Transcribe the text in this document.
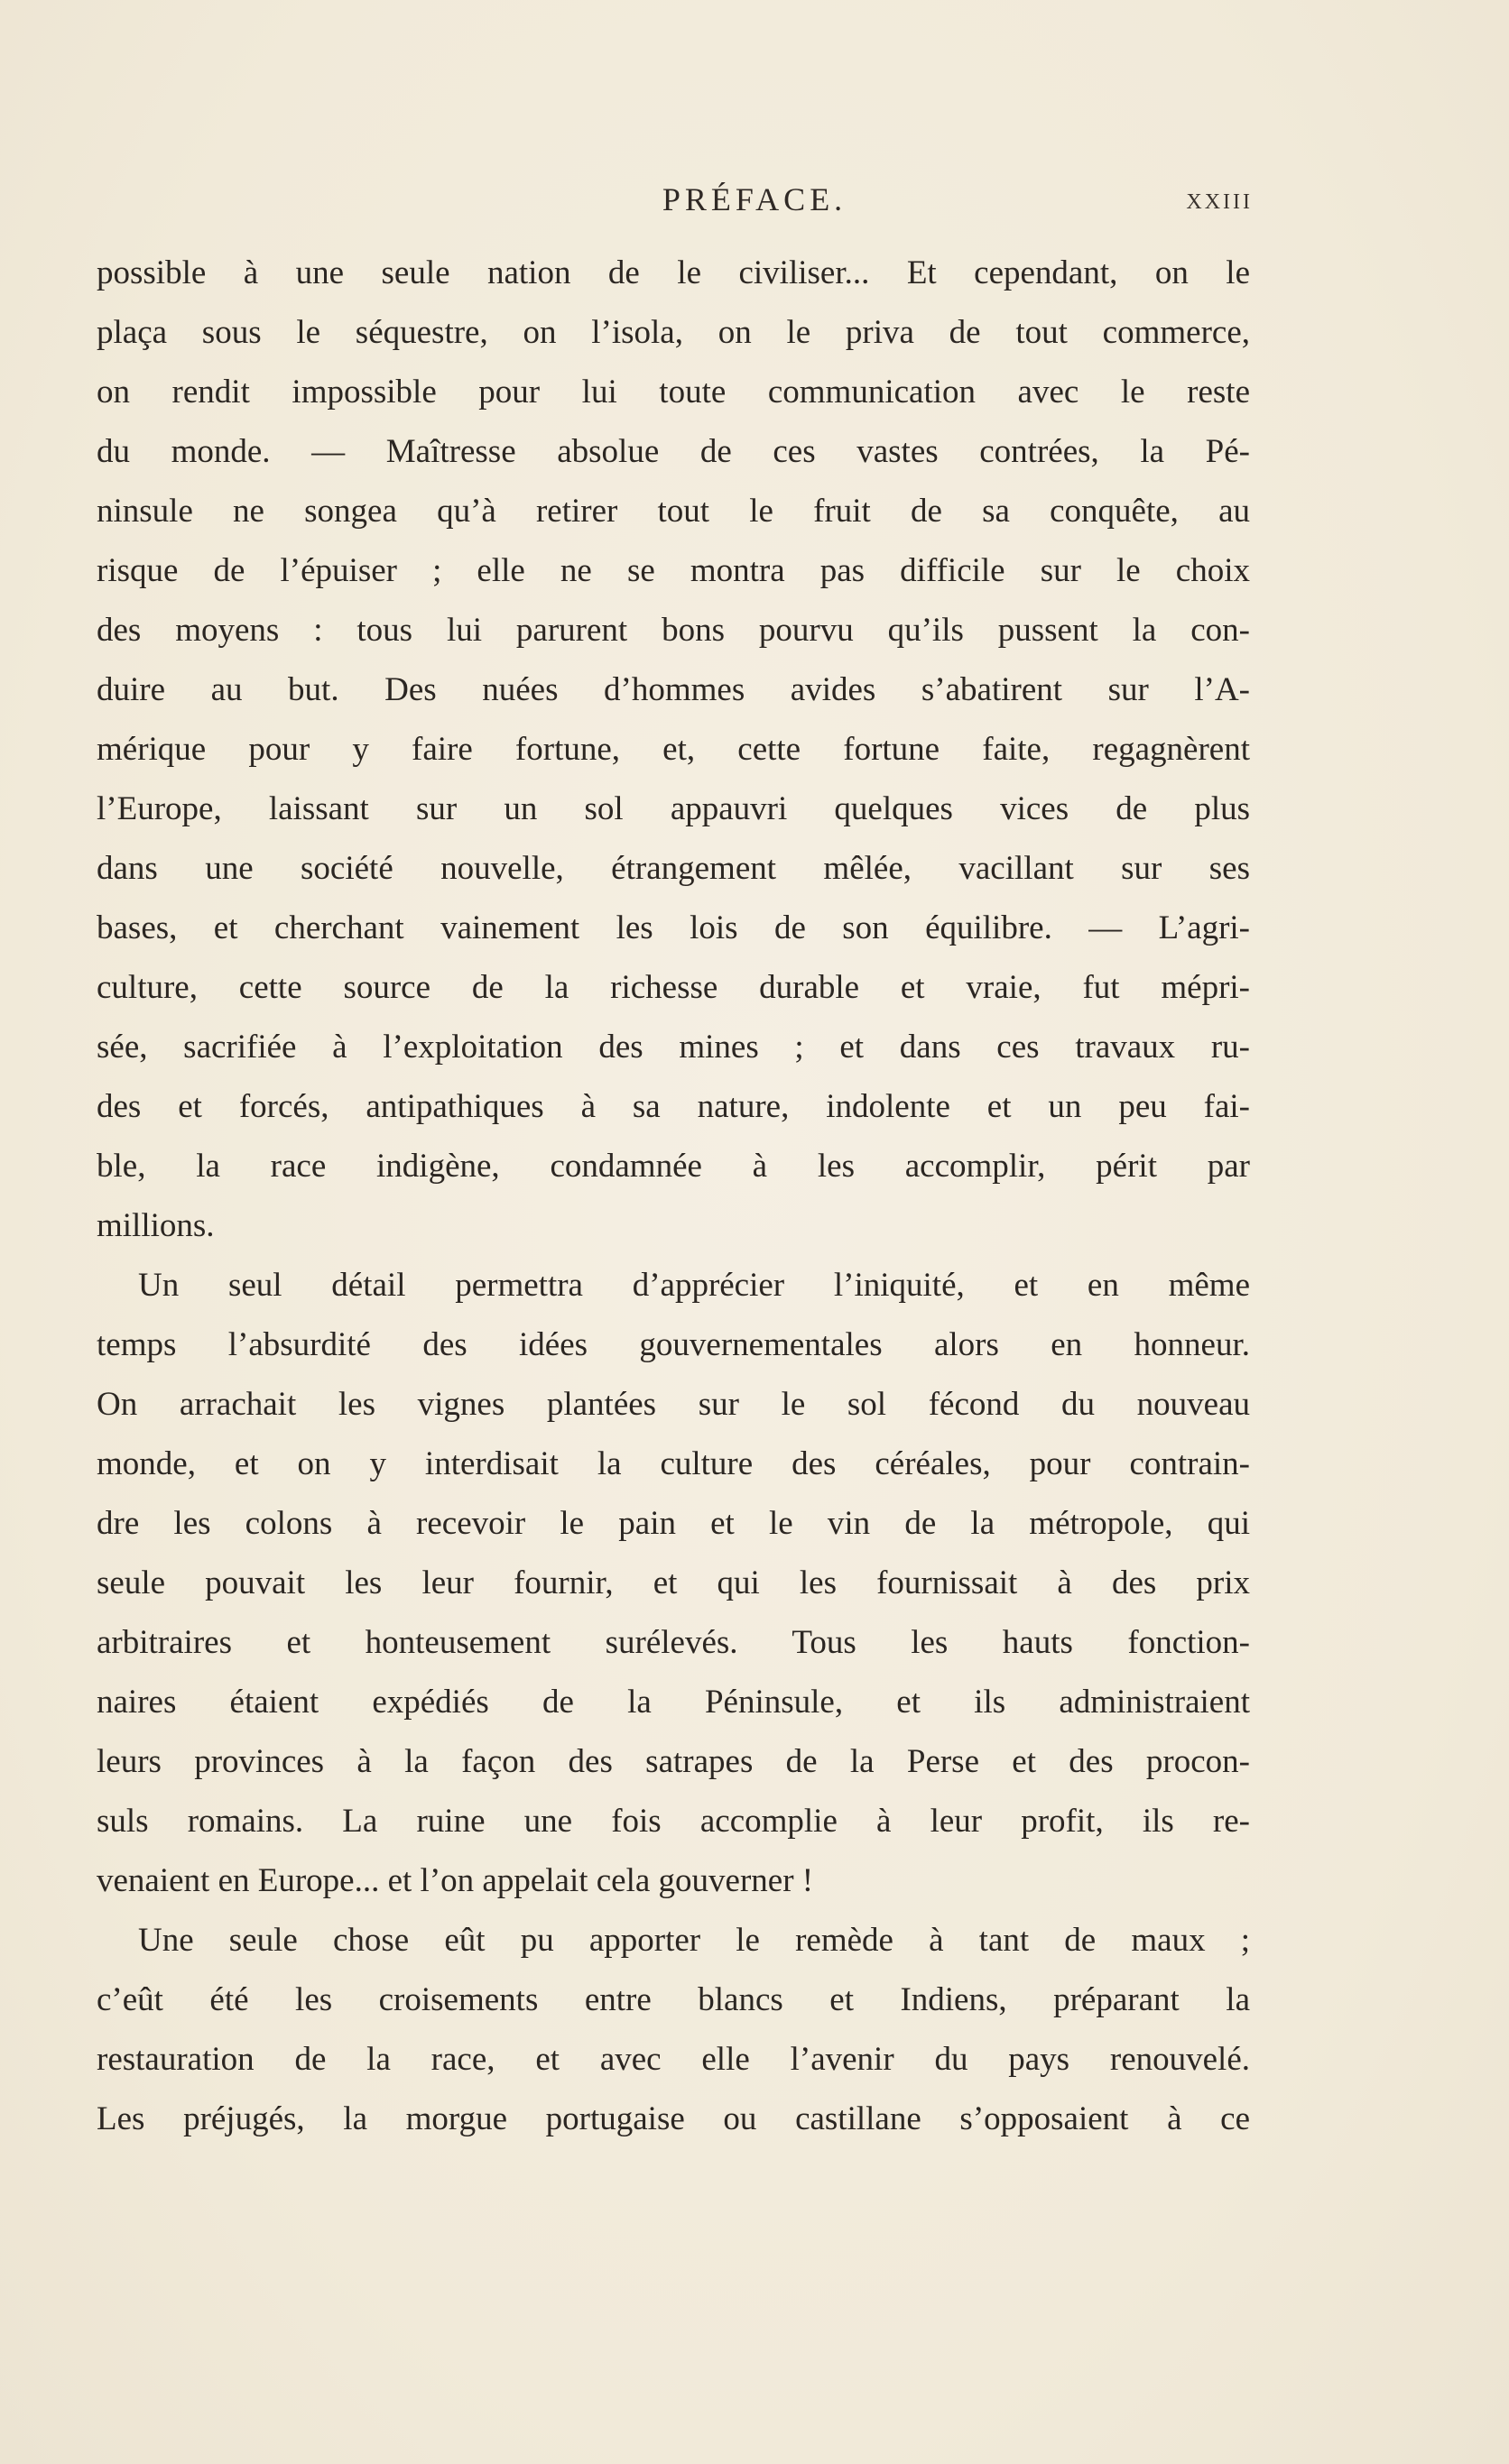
PRÉFACE.	XXIII
possible à une seule nation de le civiliser... Et cependant, on le
plaça sous le séquestre, on l’isola, on le priva de tout commerce,
on rendit impossible pour lui toute communication avec le reste
du monde. — Maîtresse absolue de ces vastes contrées, la Pé-
ninsule ne songea qu’à retirer tout le fruit de sa conquête, au
risque de l’épuiser ; elle ne se montra pas difficile sur le choix
des moyens : tous lui parurent bons pourvu qu’ils pussent la con-
duire au but. Des nuées d’hommes avides s’abatirent sur l’A-
mérique pour y faire fortune, et, cette fortune faite, regagnèrent
l’Europe, laissant sur un sol appauvri quelques vices de plus
dans une société nouvelle, étrangement mêlée, vacillant sur ses
bases, et cherchant vainement les lois de son équilibre. — L’agri-
culture, cette source de la richesse durable et vraie, fut mépri-
sée, sacrifiée à l’exploitation des mines ; et dans ces travaux ru-
des et forcés, antipathiques à sa nature, indolente et un peu fai-
ble, la race indigène, condamnée à les accomplir, périt par
millions.
Un seul détail permettra d’apprécier l’iniquité, et en même
temps l’absurdité des idées gouvernementales alors en honneur.
On arrachait les vignes plantées sur le sol fécond du nouveau
monde, et on y interdisait la culture des céréales, pour contrain-
dre les colons à recevoir le pain et le vin de la métropole, qui
seule pouvait les leur fournir, et qui les fournissait à des prix
arbitraires et honteusement surélevés. Tous les hauts fonction-
naires étaient expédiés de la Péninsule, et ils administraient
leurs provinces à la façon des satrapes de la Perse et des procon-
suls romains. La ruine une fois accomplie à leur profit, ils re-
venaient en Europe... et l’on appelait cela gouverner !
Une seule chose eût pu apporter le remède à tant de maux ;
c’eût été les croisements entre blancs et Indiens, préparant la
restauration de la race, et avec elle l’avenir du pays renouvelé.
Les préjugés, la morgue portugaise ou castillane s’opposaient à ce
